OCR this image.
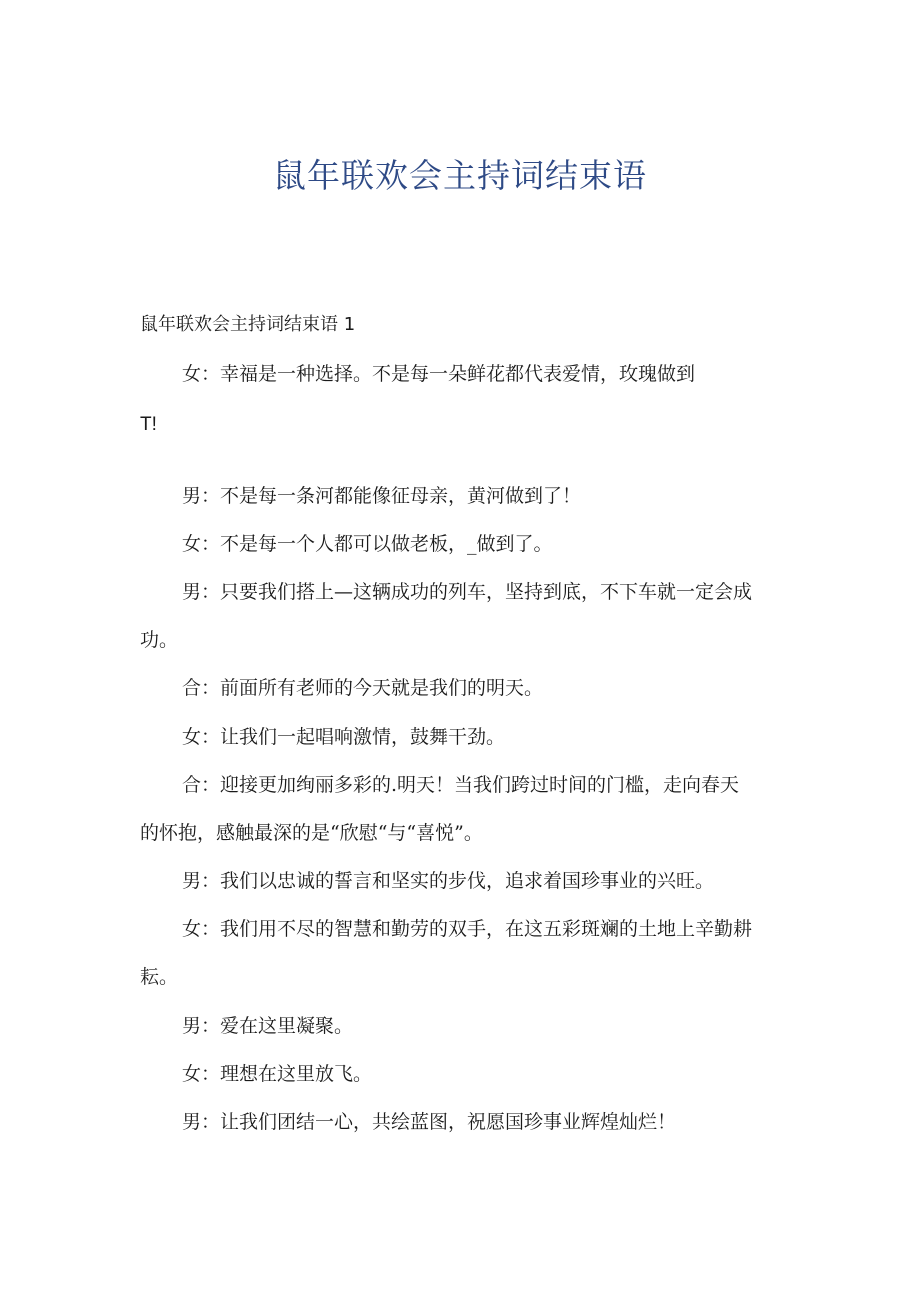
鼠年联欢会主持词结束语
鼠年联欢会主持词结束语 1
女：幸福是一种选择。不是每一朵鲜花都代表爱情，玫瑰做到
T!
男：不是每一条河都能像征母亲，黄河做到了！
女：不是每一个人都可以做老板，_做到了。
男：只要我们搭上—这辆成功的列车，坚持到底，不下车就一定会成
功。
合：前面所有老师的今天就是我们的明天。
女：让我们一起唱响激情，鼓舞干劲。
合：迎接更加绚丽多彩的.明天！当我们跨过时间的门槛，走向春天
的怀抱，感触最深的是“欣慰“与“喜悦”。
男：我们以忠诚的誓言和坚实的步伐，追求着国珍事业的兴旺。
女：我们用不尽的智慧和勤劳的双手，在这五彩斑斓的土地上辛勤耕
耘。
男：爱在这里凝聚。
女：理想在这里放飞。
男：让我们团结一心，共绘蓝图，祝愿国珍事业辉煌灿烂！
